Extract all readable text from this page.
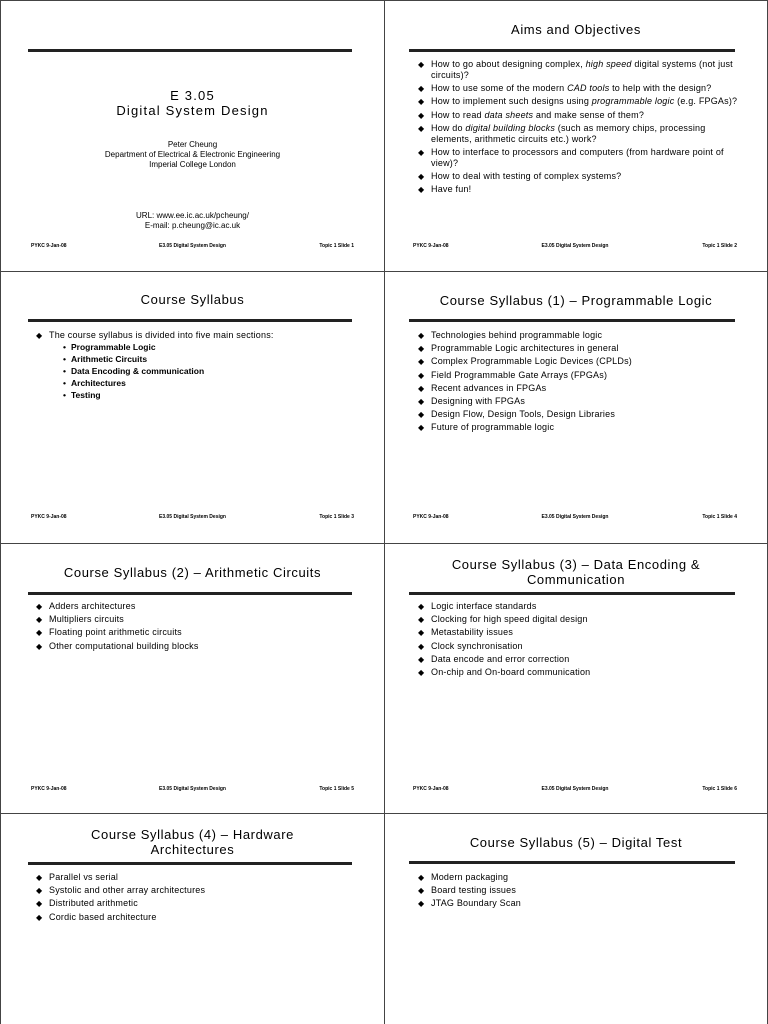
E 3.05
Digital System Design
Peter Cheung
Department of Electrical & Electronic Engineering
Imperial College London
URL: www.ee.ic.ac.uk/pcheung/
E-mail: p.cheung@ic.ac.uk
PYKC 9-Jan-08	E3.05 Digital System Design	Topic 1 Slide 1
Aims and Objectives
◆ How to go about designing complex, high speed digital systems (not just circuits)?
◆ How to use some of the modern CAD tools to help with the design?
◆ How to implement such designs using programmable logic (e.g. FPGAs)?
◆ How to read data sheets and make sense of them?
◆ How do digital building blocks (such as memory chips, processing elements, arithmetic circuits etc.) work?
◆ How to interface to processors and computers (from hardware point of view)?
◆ How to deal with testing of complex systems?
◆ Have fun!
PYKC 9-Jan-08	E3.05 Digital System Design	Topic 1 Slide 2
Course Syllabus
◆ The course syllabus is divided into five main sections:
• Programmable Logic
• Arithmetic Circuits
• Data Encoding & communication
• Architectures
• Testing
PYKC 9-Jan-08	E3.05 Digital System Design	Topic 1 Slide 3
Course Syllabus (1) – Programmable Logic
◆ Technologies behind programmable logic
◆ Programmable Logic architectures in general
◆ Complex Programmable Logic Devices (CPLDs)
◆ Field Programmable Gate Arrays (FPGAs)
◆ Recent advances in FPGAs
◆ Designing with FPGAs
◆ Design Flow, Design Tools, Design Libraries
◆ Future of programmable logic
PYKC 9-Jan-08	E3.05 Digital System Design	Topic 1 Slide 4
Course Syllabus (2) – Arithmetic Circuits
◆ Adders architectures
◆ Multipliers circuits
◆ Floating point arithmetic circuits
◆ Other computational building blocks
PYKC 9-Jan-08	E3.05 Digital System Design	Topic 1 Slide 5
Course Syllabus (3) – Data Encoding & Communication
◆ Logic interface standards
◆ Clocking for high speed digital design
◆ Metastability issues
◆ Clock synchronisation
◆ Data encode and error correction
◆ On-chip and On-board communication
PYKC 9-Jan-08	E3.05 Digital System Design	Topic 1 Slide 6
Course Syllabus (4) – Hardware Architectures
◆ Parallel vs serial
◆ Systolic and other array architectures
◆ Distributed arithmetic
◆ Cordic based architecture
Course Syllabus (5) – Digital Test
◆ Modern packaging
◆ Board testing issues
◆ JTAG Boundary Scan
